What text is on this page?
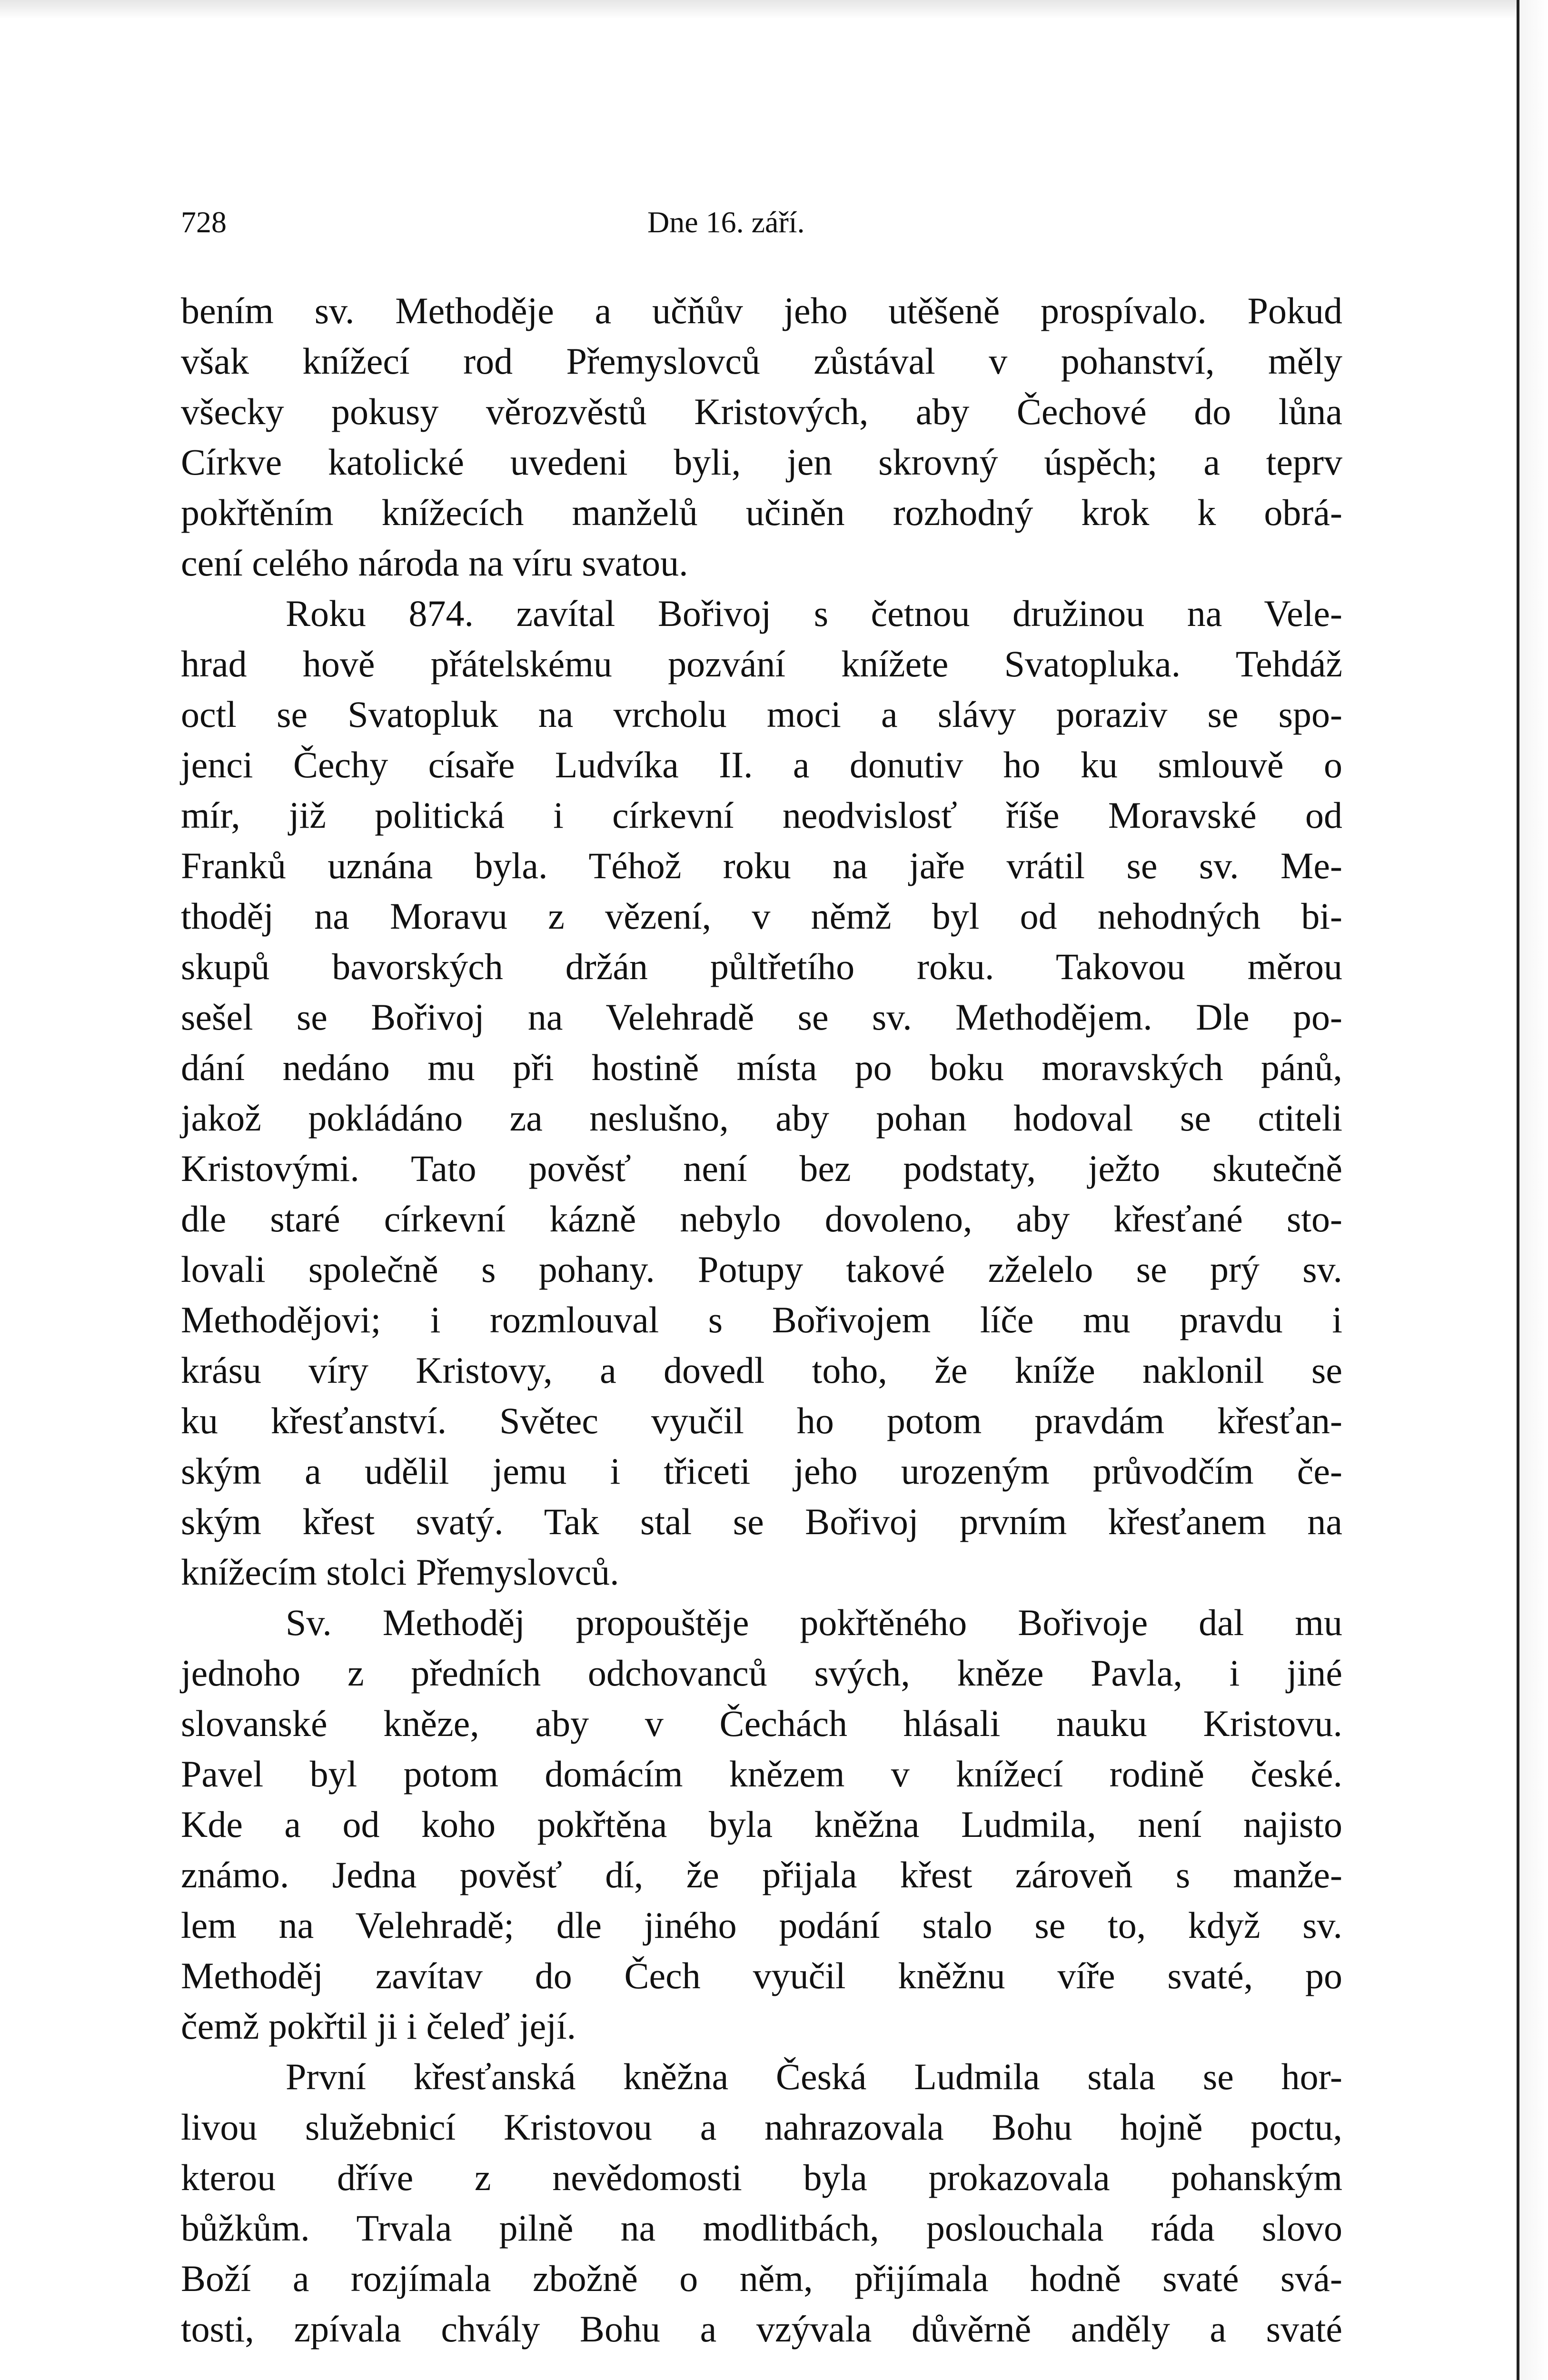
728	Dne 16. září.
bením sv. Methoděje a učňův jeho utěšeně prospívalo. Pokud
však knížecí rod Přemyslovců zůstával v pohanství, měly
všecky pokusy věrozvěstů Kristových, aby Čechové do lůna
Církve katolické uvedeni byli, jen skrovný úspěch; a teprv
pokřtěním knížecích manželů učiněn rozhodný krok k obrá-
cení celého národa na víru svatou.
Roku 874. zavítal Bořivoj s četnou družinou na Vele-
hrad hově přátelskému pozvání knížete Svatopluka. Tehdáž
octl se Svatopluk na vrcholu moci a slávy poraziv se spo-
jenci Čechy císaře Ludvíka II. a donutiv ho ku smlouvě o
mír, již politická i církevní neodvislosť říše Moravské od
Franků uznána byla. Téhož roku na jaře vrátil se sv. Me-
thoděj na Moravu z vězení, v němž byl od nehodných bi-
skupů bavorských držán půltřetího roku. Takovou měrou
sešel se Bořivoj na Velehradě se sv. Methodějem. Dle po-
dání nedáno mu při hostině místa po boku moravských pánů,
jakož pokládáno za neslušno, aby pohan hodoval se ctiteli
Kristovými. Tato pověsť není bez podstaty, ježto skutečně
dle staré církevní kázně nebylo dovoleno, aby křesťané sto-
lovali společně s pohany. Potupy takové zželelo se prý sv.
Methodějovi; i rozmlouval s Bořivojem líče mu pravdu i
krásu víry Kristovy, a dovedl toho, že kníže naklonil se
ku křesťanství. Světec vyučil ho potom pravdám křesťan-
ským a udělil jemu i třiceti jeho urozeným průvodčím če-
ským křest svatý. Tak stal se Bořivoj prvním křesťanem na
knížecím stolci Přemyslovců.
Sv. Methoděj propouštěje pokřtěného Bořivoje dal mu
jednoho z předních odchovanců svých, kněze Pavla, i jiné
slovanské kněze, aby v Čechách hlásali nauku Kristovu.
Pavel byl potom domácím knězem v knížecí rodině české.
Kde a od koho pokřtěna byla kněžna Ludmila, není najisto
známo. Jedna pověsť dí, že přijala křest zároveň s manže-
lem na Velehradě; dle jiného podání stalo se to, když sv.
Methoděj zavítav do Čech vyučil kněžnu víře svaté, po
čemž pokřtil ji i čeleď její.
První křesťanská kněžna Česká Ludmila stala se hor-
livou služebnicí Kristovou a nahrazovala Bohu hojně poctu,
kterou dříve z nevědomosti byla prokazovala pohanským
bůžkům. Trvala pilně na modlitbách, poslouchala ráda slovo
Boží a rozjímala zbožně o něm, přijímala hodně svaté svá-
tosti, zpívala chvály Bohu a vzývala důvěrně anděly a svaté
